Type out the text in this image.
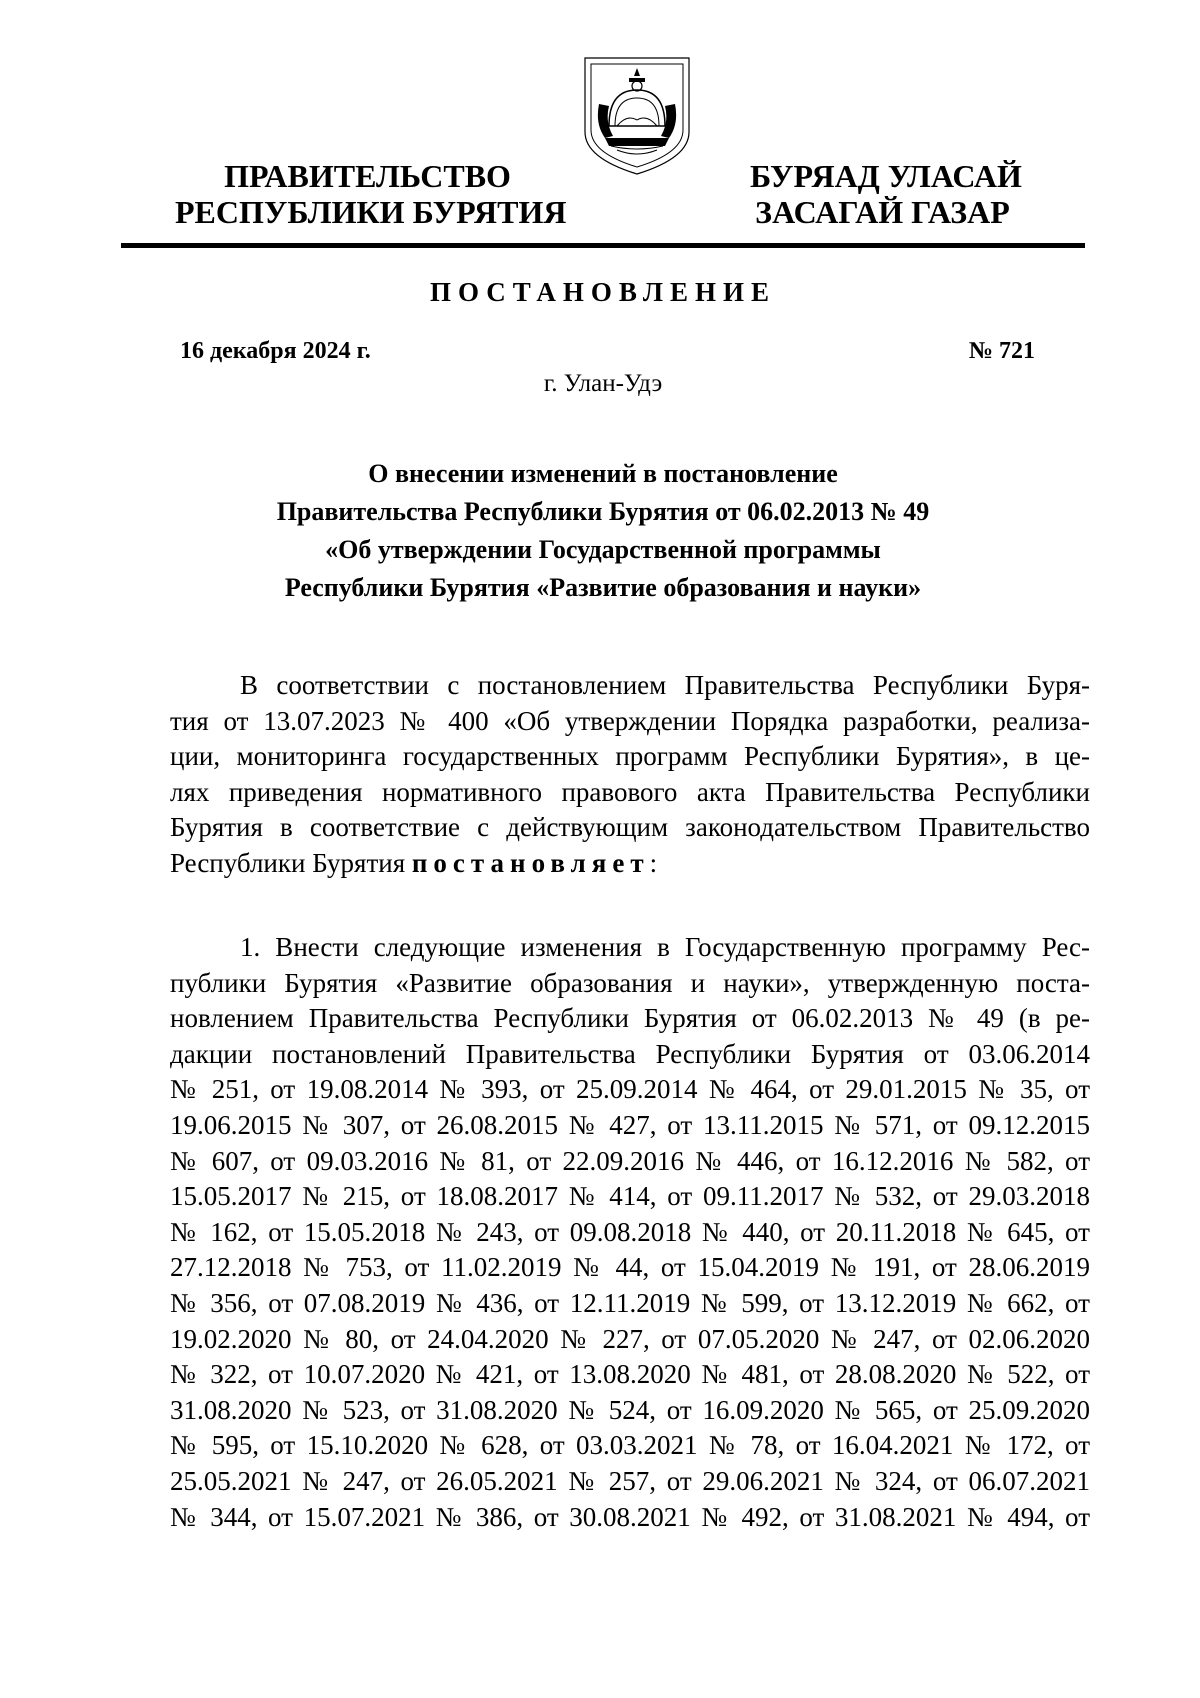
ПРАВИТЕЛЬСТВО
РЕСПУБЛИКИ БУРЯТИЯ
БУРЯАД УЛАСАЙ
ЗАСАГАЙ ГАЗАР
ПОСТАНОВЛЕНИЕ
16 декабря 2024 г.	№ 721
г. Улан-Удэ
О внесении изменений в постановление
Правительства Республики Бурятия от 06.02.2013 № 49
«Об утверждении Государственной программы
Республики Бурятия «Развитие образования и науки»
В соответствии с постановлением Правительства Республики Буря-
тия от 13.07.2023 № 400 «Об утверждении Порядка разработки, реализа-
ции, мониторинга государственных программ Республики Бурятия», в це-
лях приведения нормативного правового акта Правительства Республики
Бурятия в соответствие с действующим законодательством Правительство
Республики Бурятия постановляет:
1. Внести следующие изменения в Государственную программу Рес-
публики Бурятия «Развитие образования и науки», утвержденную поста-
новлением Правительства Республики Бурятия от 06.02.2013 № 49 (в ре-
дакции постановлений Правительства Республики Бурятия от 03.06.2014
№ 251, от 19.08.2014 № 393, от 25.09.2014 № 464, от 29.01.2015 № 35, от
19.06.2015 № 307, от 26.08.2015 № 427, от 13.11.2015 № 571, от 09.12.2015
№ 607, от 09.03.2016 № 81, от 22.09.2016 № 446, от 16.12.2016 № 582, от
15.05.2017 № 215, от 18.08.2017 № 414, от 09.11.2017 № 532, от 29.03.2018
№ 162, от 15.05.2018 № 243, от 09.08.2018 № 440, от 20.11.2018 № 645, от
27.12.2018 № 753, от 11.02.2019 № 44, от 15.04.2019 № 191, от 28.06.2019
№ 356, от 07.08.2019 № 436, от 12.11.2019 № 599, от 13.12.2019 № 662, от
19.02.2020 № 80, от 24.04.2020 № 227, от 07.05.2020 № 247, от 02.06.2020
№ 322, от 10.07.2020 № 421, от 13.08.2020 № 481, от 28.08.2020 № 522, от
31.08.2020 № 523, от 31.08.2020 № 524, от 16.09.2020 № 565, от 25.09.2020
№ 595, от 15.10.2020 № 628, от 03.03.2021 № 78, от 16.04.2021 № 172, от
25.05.2021 № 247, от 26.05.2021 № 257, от 29.06.2021 № 324, от 06.07.2021
№ 344, от 15.07.2021 № 386, от 30.08.2021 № 492, от 31.08.2021 № 494, от
